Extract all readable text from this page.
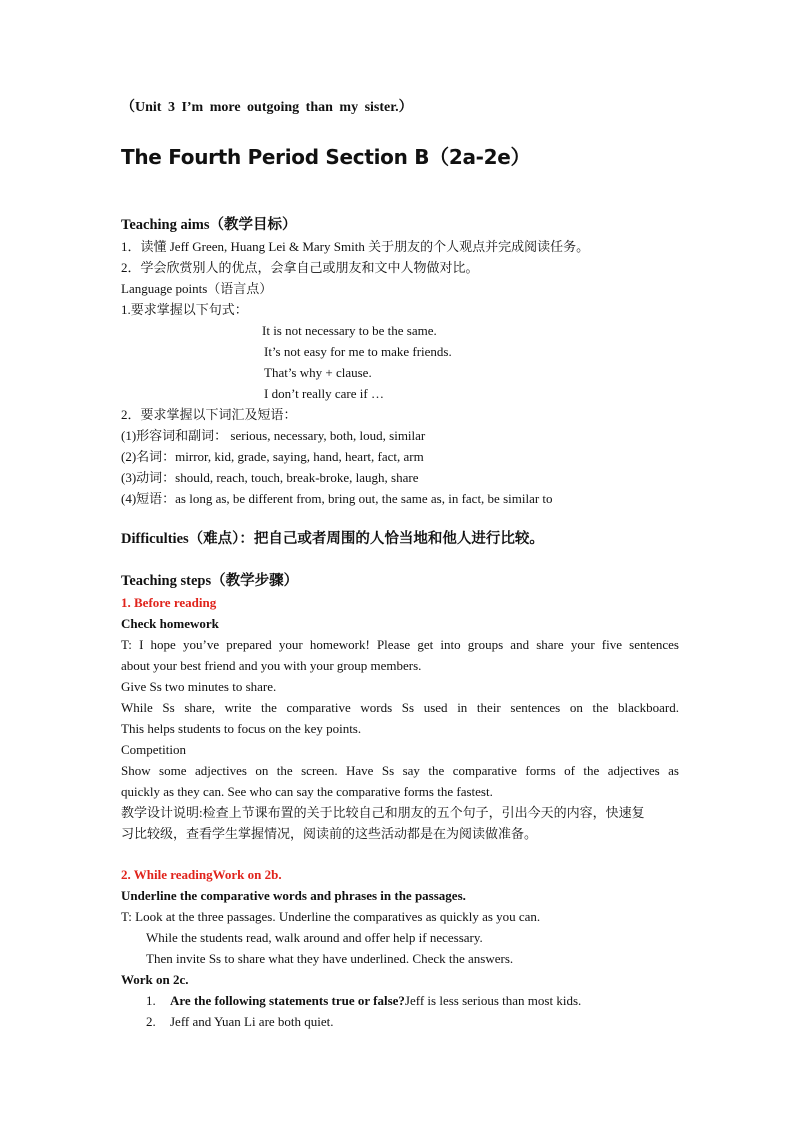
（Unit 3 I’m more outgoing than my sister.）
The Fourth Period Section B（2a-2e）
Teaching aims（教学目标）
1．读懂 Jeff Green, Huang Lei & Mary Smith 关于朋友的个人观点并完成阅读任务。
2．学会欣赏别人的优点，会拿自己或朋友和文中人物做对比。
Language points（语言点）
1.要求掌握以下句式：
It is not necessary to be the same.
It’s not easy for me to make friends.
That’s why + clause.
I don’t really care if …
2．要求掌握以下词汇及短语：
(1)形容词和副词： serious, necessary, both, loud, similar
(2)名词：mirror, kid, grade, saying, hand, heart, fact, arm
(3)动词：should, reach, touch, break-broke, laugh, share
(4)短语：as long as, be different from, bring out, the same as, in fact, be similar to
Difficulties（难点）：把自己或者周围的人恰当地和他人进行比较。
Teaching steps（教学步骤）
1. Before reading
Check homework
T: I hope you’ve prepared your homework! Please get into groups and share your five sentences
about your best friend and you with your group members.
Give Ss two minutes to share.
While Ss share, write the comparative words Ss used in their sentences on the blackboard.
This helps students to focus on the key points.
Competition
Show some adjectives on the screen. Have Ss say the comparative forms of the adjectives as
quickly as they can. See who can say the comparative forms the fastest.
教学设计说明:检查上节课布置的关于比较自己和朋友的五个句子，引出今天的内容，快速复
习比较级，查看学生掌握情况，阅读前的这些活动都是在为阅读做准备。
2. While readingWork on 2b.
Underline the comparative words and phrases in the passages.
T: Look at the three passages. Underline the comparatives as quickly as you can.
While the students read, walk around and offer help if necessary.
Then invite Ss to share what they have underlined. Check the answers.
Work on 2c.
1. Are the following statements true or false?Jeff is less serious than most kids.
2. Jeff and Yuan Li are both quiet.
